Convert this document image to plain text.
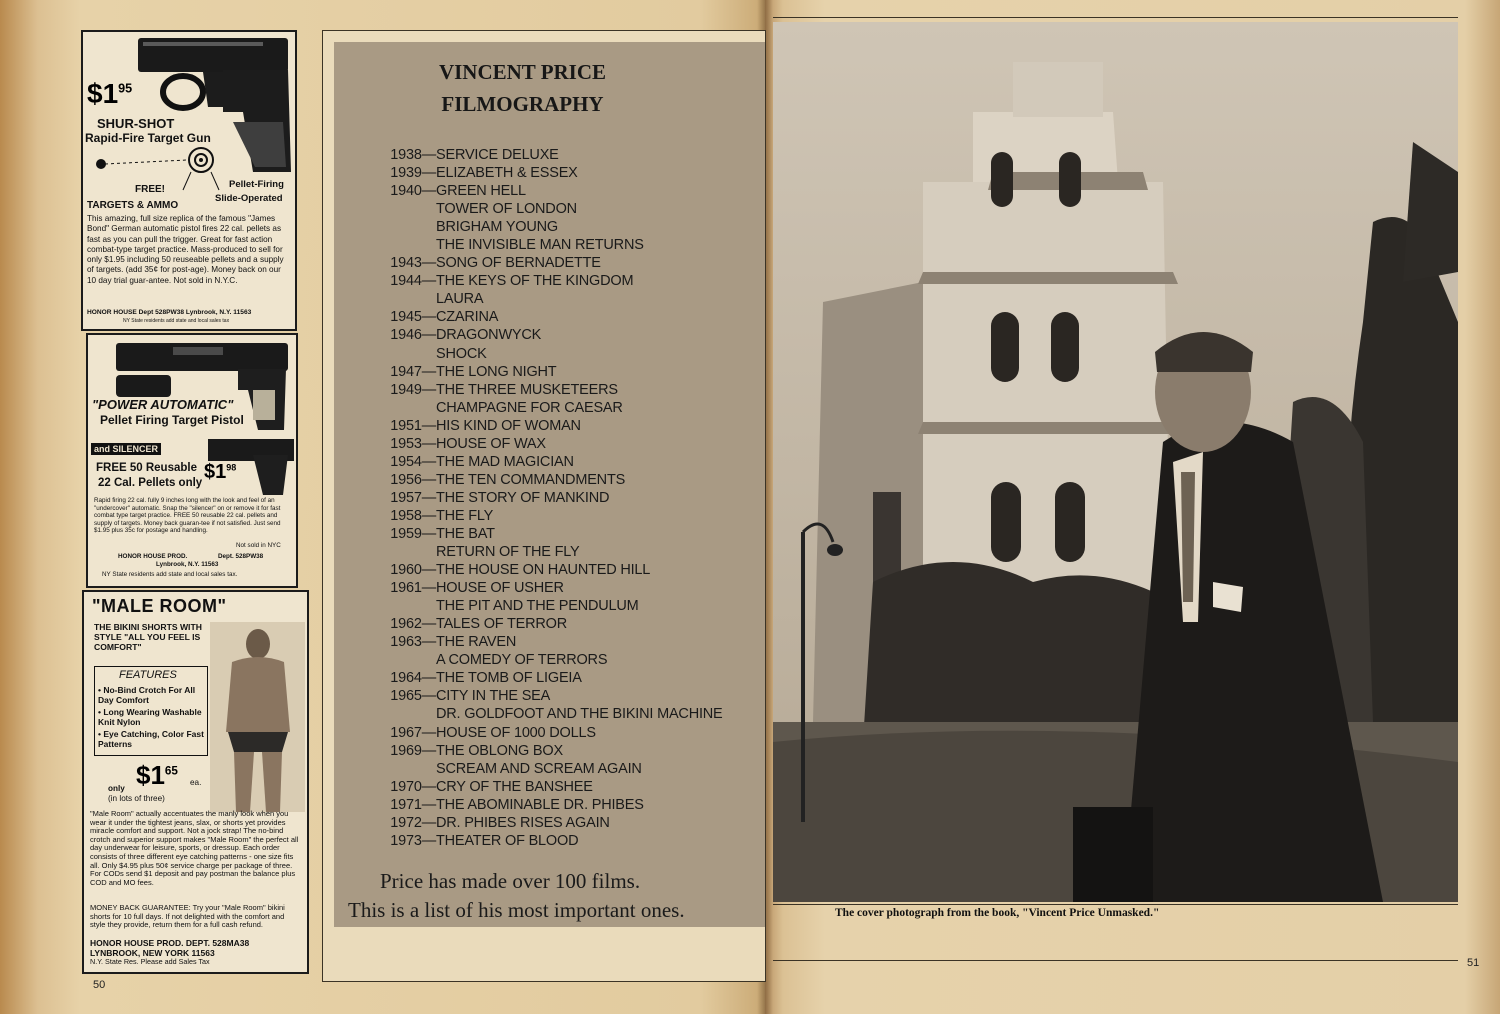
$\$1^{95}$
SHUR-SHOT
Rapid-Fire Target Gun
FREE!
TARGETS & AMMO
Pellet-Firing
Slide-Operated
This amazing, full size replica of the famous "James Bond" German automatic pistol fires 22 cal. pellets as fast as you can pull the trigger. Great for fast action combat-type target practice. Mass-produced to sell for only $1.95 including 50 reuseable pellets and a supply of targets. (add 35¢ for post-age). Money back on our 10 day trial guar-antee. Not sold in N.Y.C.
HONOR HOUSE Dept 528PW38 Lynbrook, N.Y. 11563
NY State residents add state and local sales tax
"POWER AUTOMATIC"
Pellet Firing Target Pistol
and SILENCER
FREE 50 Reusable
22 Cal. Pellets only $\$1^{98}$
Rapid firing 22 cal. fully 9 inches long with the look and feel of an "undercover" automatic. Snap the "silencer" on or remove it for fast combat type target practice. FREE 50 reusable 22 cal. pellets and supply of targets. Money back guaran-tee if not satisfied. Just send $1.95 plus 35c for postage and handling.
Not sold in NYC
HONOR HOUSE PROD.	Dept. 528PW38
Lynbrook, N.Y. 11563
NY State residents add state and local sales tax.
"MALE ROOM"
THE BIKINI SHORTS WITH STYLE "ALL YOU FEEL IS COMFORT"
FEATURES
• No-Bind Crotch For All Day Comfort
• Long Wearing Washable Knit Nylon
• Eye Catching, Color Fast Patterns
only $\$1^{65}$
ea.
(in lots of three)
"Male Room" actually accentuates the manly look when you wear it under the tightest jeans, slax, or shorts yet provides miracle comfort and support. Not a jock strap! The no-bind crotch and superior support makes "Male Room" the perfect all day underwear for leisure, sports, or dressup. Each order consists of three different eye catching patterns - one size fits all. Only $4.95 plus 50¢ service charge per package of three. For CODs send $1 deposit and pay postman the balance plus COD and MO fees.
MONEY BACK GUARANTEE: Try your "Male Room" bikini shorts for 10 full days. If not delighted with the comfort and style they provide, return them for a full cash refund.
HONOR HOUSE PROD. DEPT. 528MA38
LYNBROOK, NEW YORK 11563
N.Y. State Res. Please add Sales Tax
VINCENT PRICE
FILMOGRAPHY
1938— SERVICE DELUXE
1939— ELIZABETH & ESSEX
1940— GREEN HELL
TOWER OF LONDON
BRIGHAM YOUNG
THE INVISIBLE MAN RETURNS
1943— SONG OF BERNADETTE
1944— THE KEYS OF THE KINGDOM
LAURA
1945— CZARINA
1946— DRAGONWYCK
SHOCK
1947— THE LONG NIGHT
1949— THE THREE MUSKETEERS
CHAMPAGNE FOR CAESAR
1951— HIS KIND OF WOMAN
1953— HOUSE OF WAX
1954— THE MAD MAGICIAN
1956— THE TEN COMMANDMENTS
1957— THE STORY OF MANKIND
1958— THE FLY
1959— THE BAT
RETURN OF THE FLY
1960— THE HOUSE ON HAUNTED HILL
1961— HOUSE OF USHER
THE PIT AND THE PENDULUM
1962— TALES OF TERROR
1963— THE RAVEN
A COMEDY OF TERRORS
1964— THE TOMB OF LIGEIA
1965— CITY IN THE SEA
DR. GOLDFOOT AND THE BIKINI MACHINE
1967— HOUSE OF 1000 DOLLS
1969— THE OBLONG BOX
SCREAM AND SCREAM AGAIN
1970— CRY OF THE BANSHEE
1971— THE ABOMINABLE DR. PHIBES
1972— DR. PHIBES RISES AGAIN
1973— THEATER OF BLOOD
Price has made over 100 films.
This is a list of his most important ones.
50
The cover photograph from the book, "Vincent Price Unmasked."
51
